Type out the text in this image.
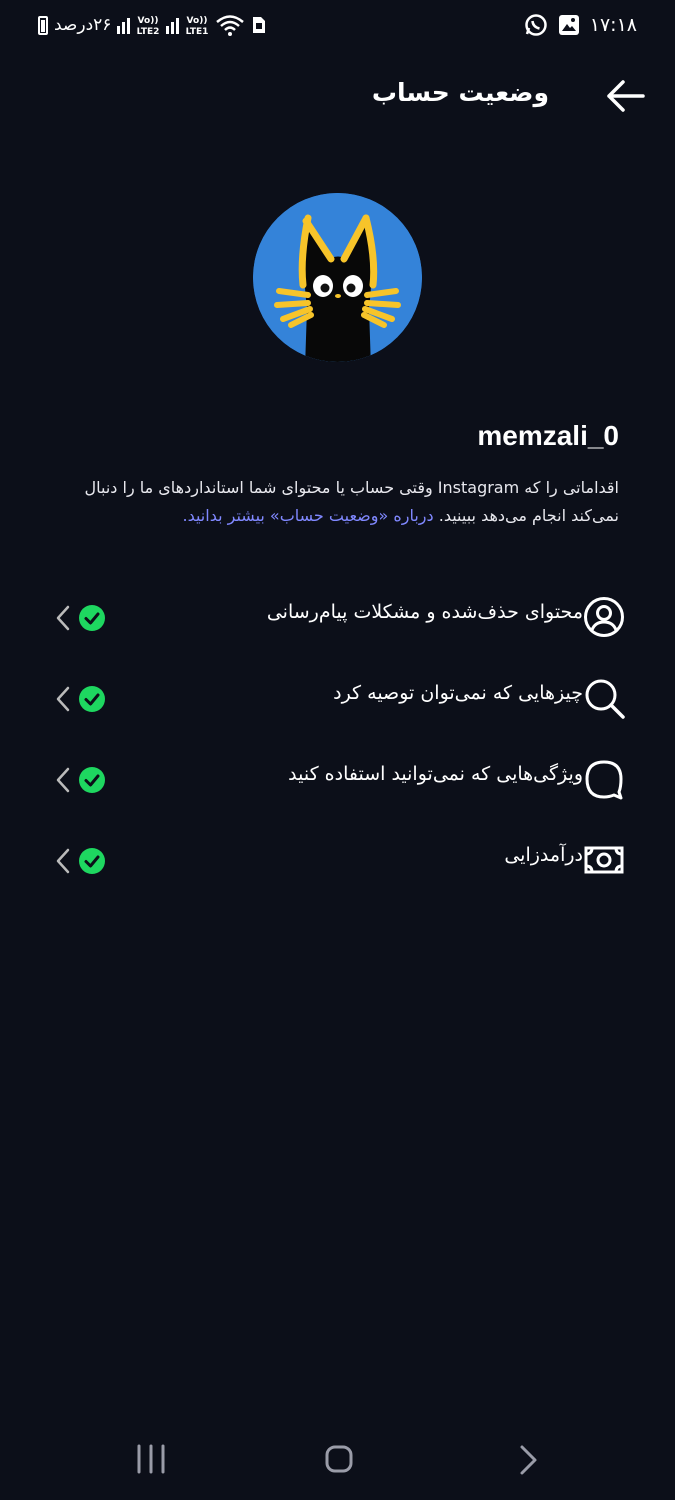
۲۶درصد	Vo))
LTE2
Vo))
LTE1	۱۷:۱۸
وضعیت حساب
memzali_0
اقداماتی را که Instagram وقتی حساب یا محتوای شما استانداردهای ما را دنبال نمی‌کند انجام می‌دهد ببینید. درباره «وضعیت حساب» بیشتر بدانید.
محتوای حذف‌شده و مشکلات پیام‌رسانی
چیزهایی که نمی‌توان توصیه کرد
ویژگی‌هایی که نمی‌توانید استفاده کنید
درآمدزایی
